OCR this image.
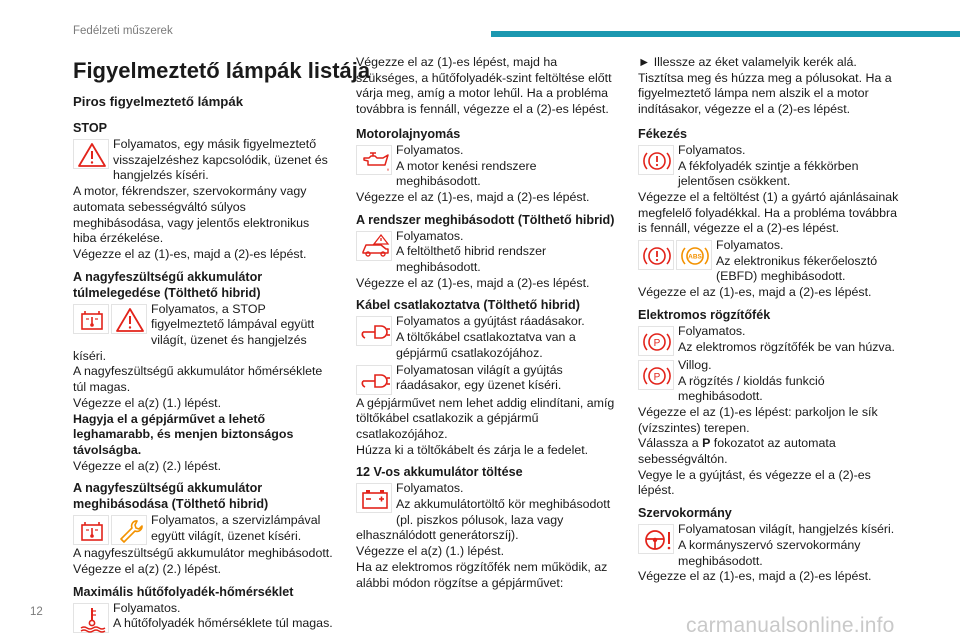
Fedélzeti műszerek
Figyelmeztető lámpák listája
Piros figyelmeztető lámpák
STOP
Folyamatos, egy másik figyelmeztető visszajelzéshez kapcsolódik, üzenet és hangjelzés kíséri.
A motor, fékrendszer, szervokormány vagy automata sebességváltó súlyos meghibásodása, vagy jelentős elektronikus hiba érzékelése.
Végezze el az (1)-es, majd a (2)-es lépést.
A nagyfeszültségű akkumulátor túlmelegedése (Tölthető hibrid)
Folyamatos, a STOP figyelmeztető lámpával együtt világít, üzenet és hangjelzés kíséri.
A nagyfeszültségű akkumulátor hőmérséklete túl magas.
Végezze el a(z) (1.) lépést.
Hagyja el a gépjárművet a lehető leghamarabb, és menjen biztonságos távolságba.
Végezze el a(z) (2.) lépést.
A nagyfeszültségű akkumulátor meghibásodása (Tölthető hibrid)
Folyamatos, a szervizlámpával együtt világít, üzenet kíséri.
A nagyfeszültségű akkumulátor meghibásodott.
Végezze el a(z) (2.) lépést.
Maximális hűtőfolyadék-hőmérséklet
Folyamatos.
A hűtőfolyadék hőmérséklete túl magas.
Végezze el az (1)-es lépést, majd ha szükséges, a hűtőfolyadék-szint feltöltése előtt várja meg, amíg a motor lehűl. Ha a probléma továbbra is fennáll, végezze el a (2)-es lépést.
Motorolajnyomás
Folyamatos.
A motor kenési rendszere meghibásodott.
Végezze el az (1)-es, majd a (2)-es lépést.
A rendszer meghibásodott (Tölthető hibrid)
Folyamatos.
A feltölthető hibrid rendszer meghibásodott.
Végezze el az (1)-es, majd a (2)-es lépést.
Kábel csatlakoztatva (Tölthető hibrid)
Folyamatos a gyújtást ráadásakor.
A töltőkábel csatlakoztatva van a gépjármű csatlakozójához.
Folyamatosan világít a gyújtás ráadásakor, egy üzenet kíséri.
A gépjárművet nem lehet addig elindítani, amíg töltőkábel csatlakozik a gépjármű csatlakozójához.
Húzza ki a töltőkábelt és zárja le a fedelet.
12 V-os akkumulátor töltése
Folyamatos.
Az akkumulátortöltő kör meghibásodott (pl. piszkos pólusok, laza vagy elhasználódott generátorszíj).
Végezze el a(z) (1.) lépést.
Ha az elektromos rögzítőfék nem működik, az alábbi módon rögzítse a gépjárművet:
► Illessze az éket valamelyik kerék alá.
Tisztítsa meg és húzza meg a pólusokat. Ha a figyelmeztető lámpa nem alszik el a motor indításakor, végezze el a (2)-es lépést.
Fékezés
Folyamatos.
A fékfolyadék szintje a fékkörben jelentősen csökkent.
Végezze el a feltöltést (1) a gyártó ajánlásainak megfelelő folyadékkal. Ha a probléma továbbra is fennáll, végezze el a (2)-es lépést.
ABS
Folyamatos.
Az elektronikus fékerőelosztó (EBFD) meghibásodott.
Végezze el az (1)-es, majd a (2)-es lépést.
Elektromos rögzítőfék
P
Folyamatos.
Az elektromos rögzítőfék be van húzva.
P
Villog.
A rögzítés / kioldás funkció meghibásodott.
Végezze el az (1)-es lépést: parkoljon le sík (vízszintes) terepen.
Válassza a P fokozatot az automata sebességváltón.
Vegye le a gyújtást, és végezze el a (2)-es lépést.
Szervokormány
Folyamatosan világít, hangjelzés kíséri.
A kormányszervó szervokormány meghibásodott.
Végezze el az (1)-es, majd a (2)-es lépést.
12
carmanualsonline.info
